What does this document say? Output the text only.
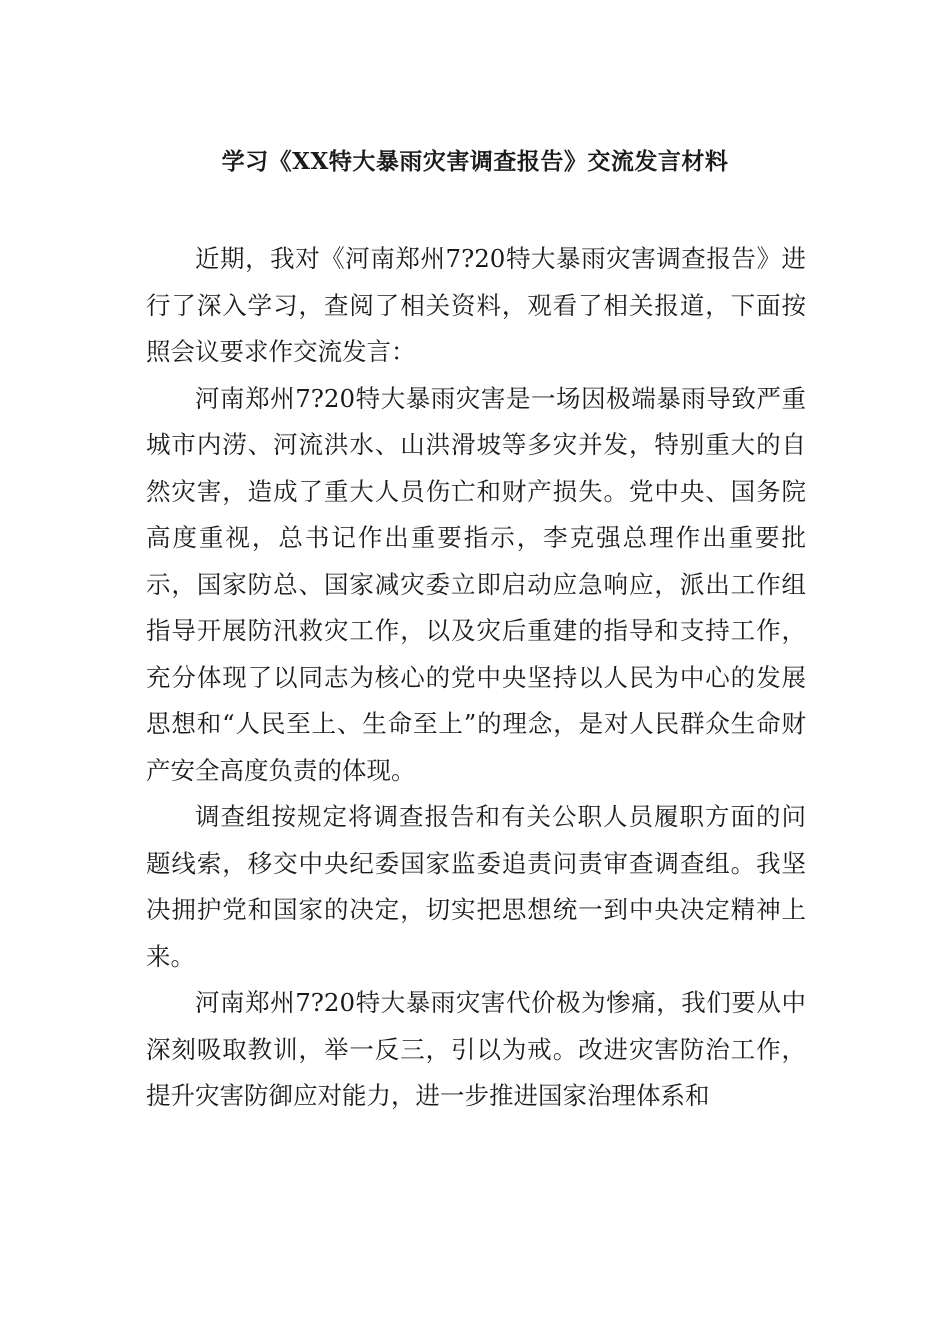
学习《XX特大暴雨灾害调查报告》交流发言材料

近期，我对《河南郑州7?20特大暴雨灾害调查报告》进行了深入学习，查阅了相关资料，观看了相关报道，下面按照会议要求作交流发言：

河南郑州7?20特大暴雨灾害是一场因极端暴雨导致严重城市内涝、河流洪水、山洪滑坡等多灾并发，特别重大的自然灾害，造成了重大人员伤亡和财产损失。党中央、国务院高度重视，总书记作出重要指示，李克强总理作出重要批示，国家防总、国家减灾委立即启动应急响应，派出工作组指导开展防汛救灾工作，以及灾后重建的指导和支持工作，充分体现了以同志为核心的党中央坚持以人民为中心的发展思想和“人民至上、生命至上”的理念，是对人民群众生命财产安全高度负责的体现。

调查组按规定将调查报告和有关公职人员履职方面的问题线索，移交中央纪委国家监委追责问责审查调查组。我坚决拥护党和国家的决定，切实把思想统一到中央决定精神上来。

河南郑州7?20特大暴雨灾害代价极为惨痛，我们要从中深刻吸取教训，举一反三，引以为戒。改进灾害防治工作，提升灾害防御应对能力，进一步推进国家治理体系和
